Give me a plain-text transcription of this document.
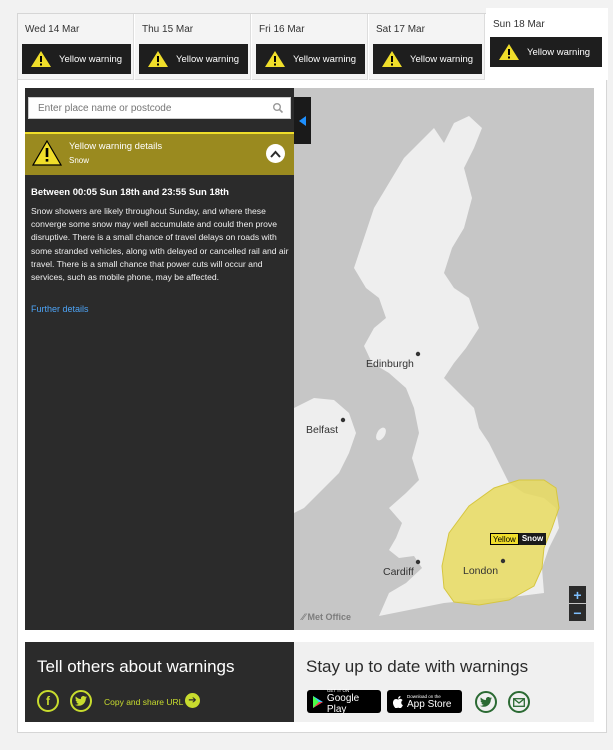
Wed 14 Mar
Yellow warning
Thu 15 Mar
Yellow warning
Fri 16 Mar
Yellow warning
Sat 17 Mar
Yellow warning
Sun 18 Mar
Yellow warning
Enter place name or postcode
Yellow warning details
Snow
Between 00:05 Sun 18th and 23:55 Sun 18th
Snow showers are likely throughout Sunday, and where these converge some snow may well accumulate and could then prove disruptive. There is a small chance of travel delays on roads with some stranded vehicles, along with delayed or cancelled rail and air travel. There is a small chance that power cuts will occur and services, such as mobile phone, may be affected.
Further details
Edinburgh
Belfast
Cardiff	London
Yellow Snow
+
−
⁄⁄ Met Office
Tell others about warnings
f	Copy and share URL ➔
Stay up to date with warnings
GET IT ON
Google Play
Download on the
App Store
